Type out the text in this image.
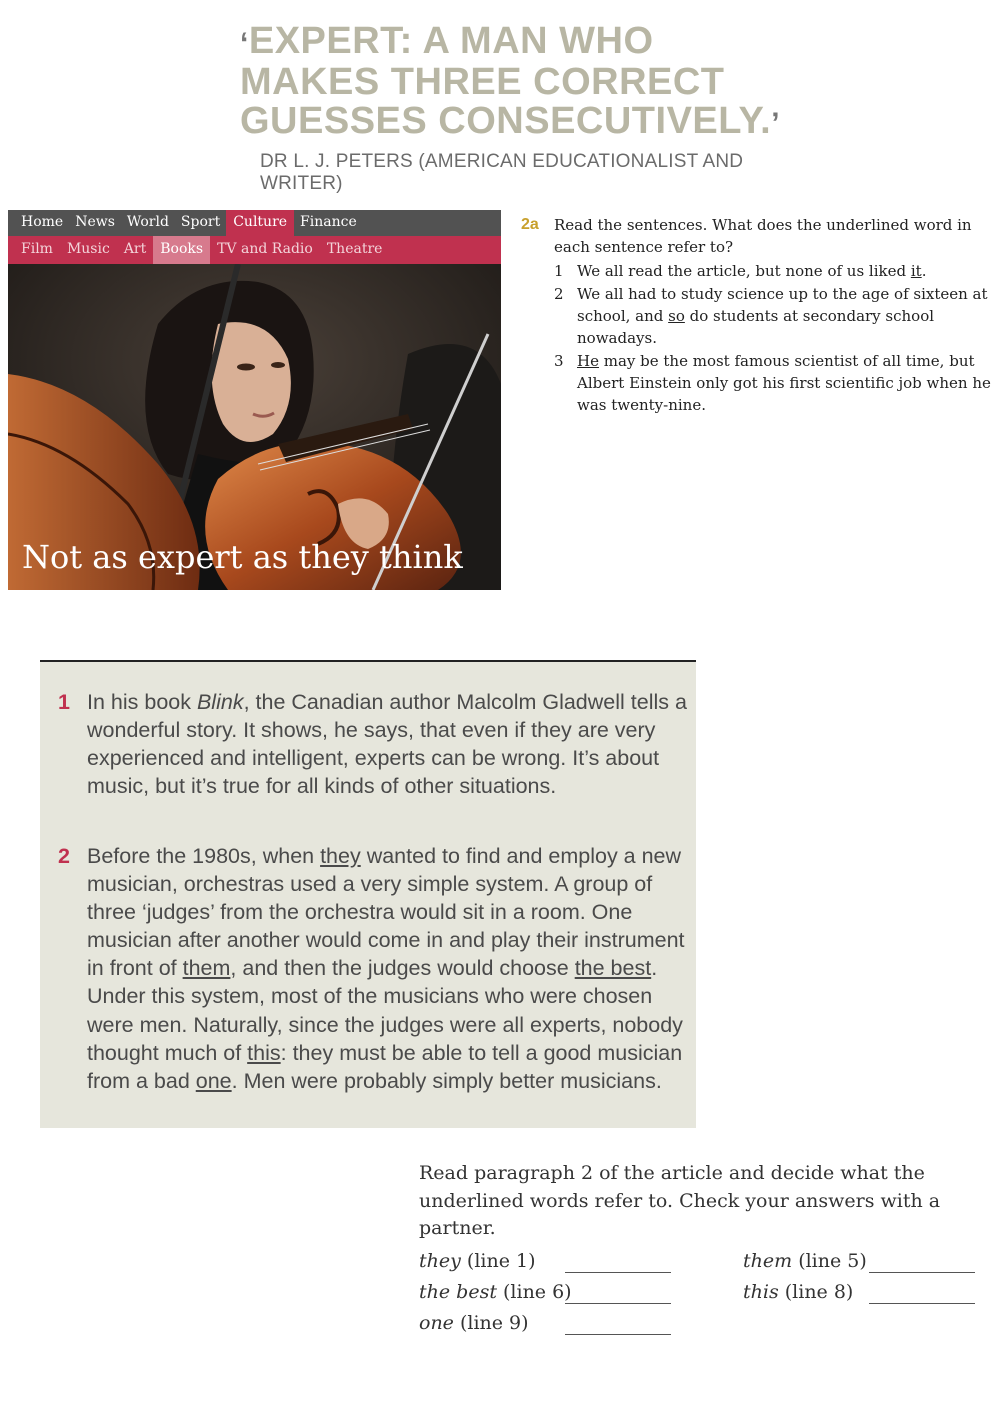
‘EXPERT: A MAN WHO MAKES THREE CORRECT GUESSES CONSECUTIVELY.’

DR L. J. PETERS (AMERICAN EDUCATIONALIST AND WRITER)
Home News World Sport Culture Finance
Film	Music	Art	Books	TV and Radio	Theatre
Not as expert as they think
2a Read the sentences. What does the underlined word in each sentence refer to?
1 We all read the article, but none of us liked it.
2 We all had to study science up to the age of sixteen at school, and so do students at secondary school nowadays.
3 He may be the most famous scientist of all time, but Albert Einstein only got his first scientific job when he was twenty-nine.
1 In his book Blink, the Canadian author Malcolm Gladwell tells a wonderful story. It shows, he says, that even if they are very experienced and intelligent, experts can be wrong. It’s about music, but it’s true for all kinds of other situations.
2 Before the 1980s, when they wanted to find and employ a new musician, orchestras used a very simple system. A group of three ‘judges’ from the orchestra would sit in a room. One musician after another would come in and play their instrument in front of them, and then the judges would choose the best. Under this system, most of the musicians who were chosen were men. Naturally, since the judges were all experts, nobody thought much of this: they must be able to tell a good musician from a bad one. Men were probably simply better musicians.

Read paragraph 2 of the article and decide what the underlined words refer to. Check your answers with a partner.

they (line 1)	them (line 5)
the best (line 6)	this (line 8)
one (line 9)
